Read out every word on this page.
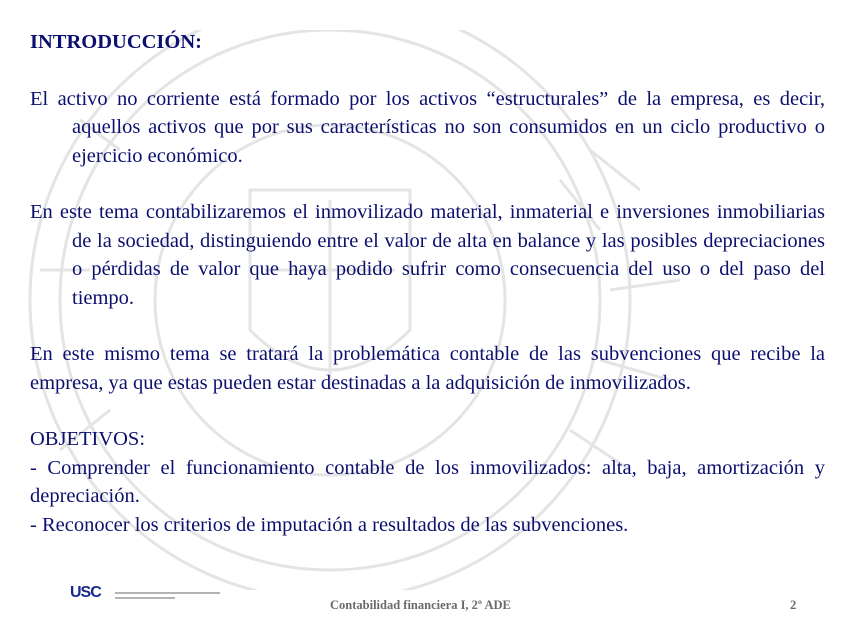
INTRODUCCIÓN:

El activo no corriente está formado por los activos “estructurales” de la empresa, es decir, aquellos activos que por sus características no son consumidos en un ciclo productivo o ejercicio económico.

En este tema contabilizaremos el inmovilizado material, inmaterial e inversiones inmobiliarias de la sociedad, distinguiendo entre el valor de alta en balance y las posibles depreciaciones o pérdidas de valor que haya podido sufrir como consecuencia del uso o del paso del tiempo.

En este mismo tema se tratará la problemática contable de las subvenciones que recibe la empresa, ya que estas pueden estar destinadas a la adquisición de inmovilizados.

OBJETIVOS:

- Comprender el funcionamiento contable de los inmovilizados: alta, baja, amortización y depreciación.

- Reconocer los criterios de imputación a resultados de las subvenciones.

USC
Contabilidad financiera I, 2º ADE	2
